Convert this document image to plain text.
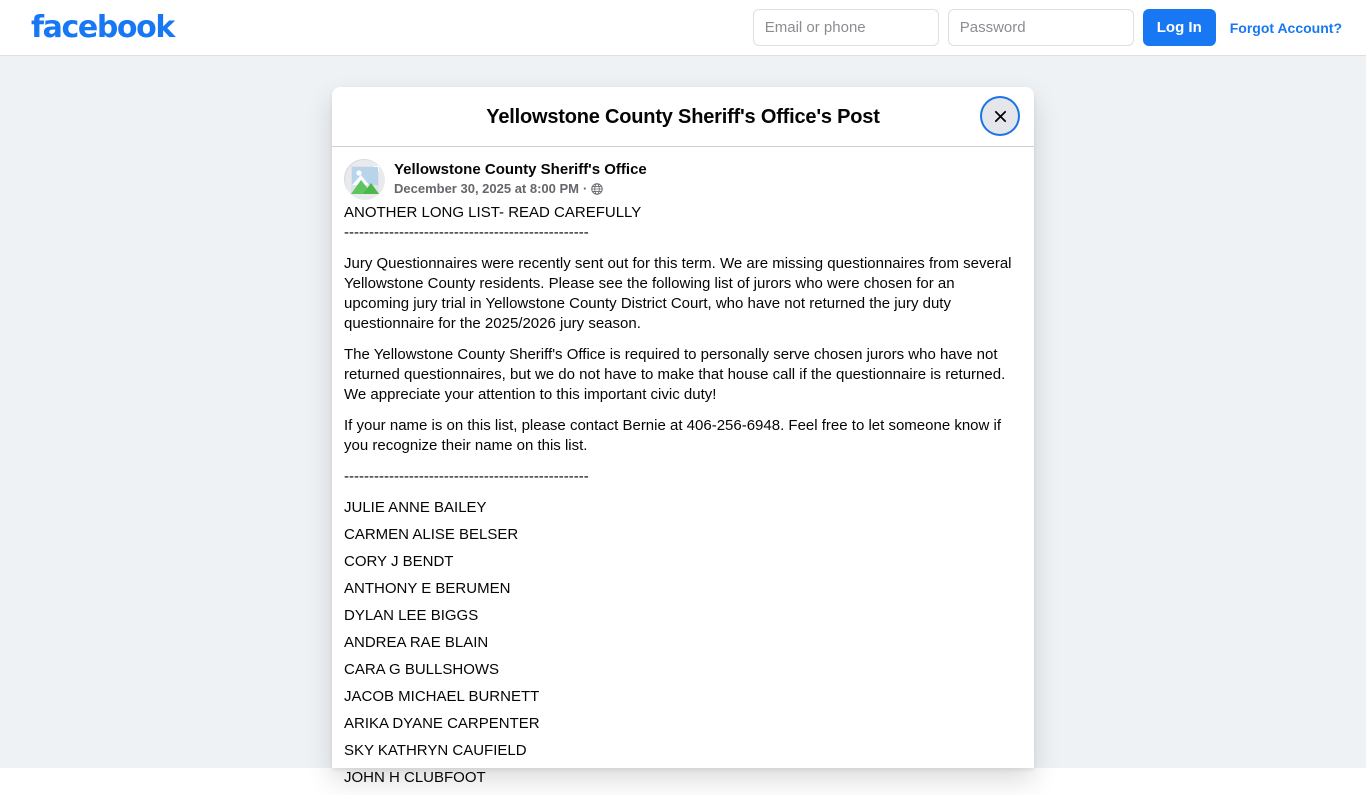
facebook
Email or phone	Log In	Forgot Account?
Yellowstone County Sheriff's Office's Post
Yellowstone County Sheriff's Office
December 30, 2025 at 8:00 PM ·

ANOTHER LONG LIST- READ CAREFULLY

-------------------------------------------------

Jury Questionnaires were recently sent out for this term. We are missing questionnaires from several Yellowstone County residents. Please see the following list of jurors who were chosen for an upcoming jury trial in Yellowstone County District Court, who have not returned the jury duty questionnaire for the 2025/2026 jury season.

The Yellowstone County Sheriff's Office is required to personally serve chosen jurors who have not returned questionnaires, but we do not have to make that house call if the questionnaire is returned. We appreciate your attention to this important civic duty!

If your name is on this list, please contact Bernie at 406-256-6948. Feel free to let someone know if you recognize their name on this list.

-------------------------------------------------
JULIE ANNE BAILEY
CARMEN ALISE BELSER
CORY J BENDT
ANTHONY E BERUMEN
DYLAN LEE BIGGS
ANDREA RAE BLAIN
CARA G BULLSHOWS
JACOB MICHAEL BURNETT
ARIKA DYANE CARPENTER
SKY KATHRYN CAUFIELD
JOHN H CLUBFOOT
